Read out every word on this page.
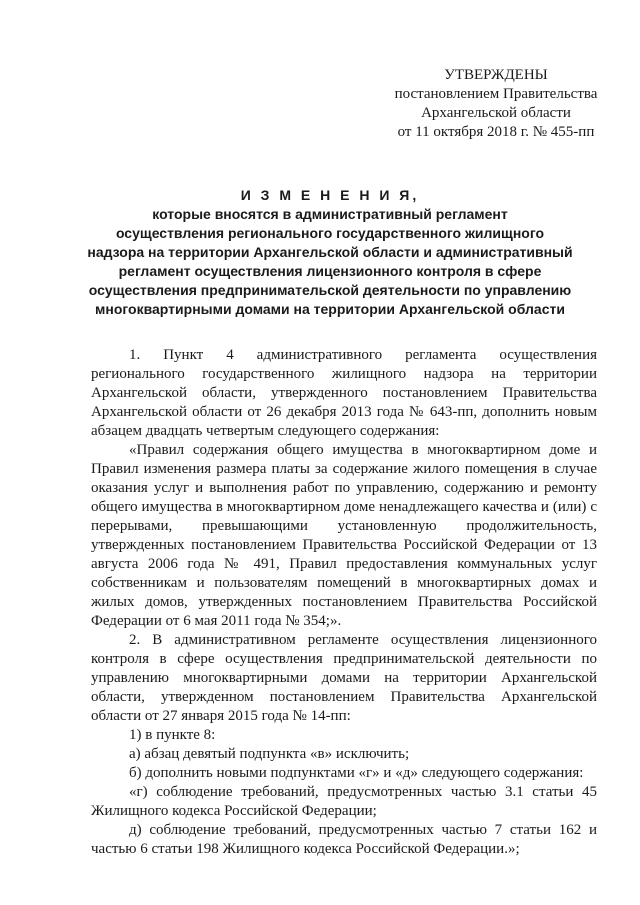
УТВЕРЖДЕНЫ
постановлением Правительства
Архангельской области
от 11 октября 2018 г. № 455-пп
И З М Е Н Е Н И Я,
которые вносятся в административный регламент
осуществления регионального государственного жилищного
надзора на территории Архангельской области и административный
регламент осуществления лицензионного контроля в сфере
осуществления предпринимательской деятельности по управлению
многоквартирными домами на территории Архангельской области

1. Пункт 4 административного регламента осуществления регионального государственного жилищного надзора на территории Архангельской области, утвержденного постановлением Правительства Архангельской области от 26 декабря 2013 года № 643-пп, дополнить новым абзацем двадцать четвертым следующего содержания:

«Правил содержания общего имущества в многоквартирном доме и Правил изменения размера платы за содержание жилого помещения в случае оказания услуг и выполнения работ по управлению, содержанию и ремонту общего имущества в многоквартирном доме ненадлежащего качества и (или) с перерывами, превышающими установленную продолжительность, утвержденных постановлением Правительства Российской Федерации от 13 августа 2006 года № 491, Правил предоставления коммунальных услуг собственникам и пользователям помещений в многоквартирных домах и жилых домов, утвержденных постановлением Правительства Российской Федерации от 6 мая 2011 года № 354;».

2. В административном регламенте осуществления лицензионного контроля в сфере осуществления предпринимательской деятельности по управлению многоквартирными домами на территории Архангельской области, утвержденном постановлением Правительства Архангельской области от 27 января 2015 года № 14-пп:

1) в пункте 8:

а) абзац девятый подпункта «в» исключить;

б) дополнить новыми подпунктами «г» и «д» следующего содержания:

«г) соблюдение требований, предусмотренных частью 3.1 статьи 45 Жилищного кодекса Российской Федерации;

д) соблюдение требований, предусмотренных частью 7 статьи 162 и частью 6 статьи 198 Жилищного кодекса Российской Федерации.»;
